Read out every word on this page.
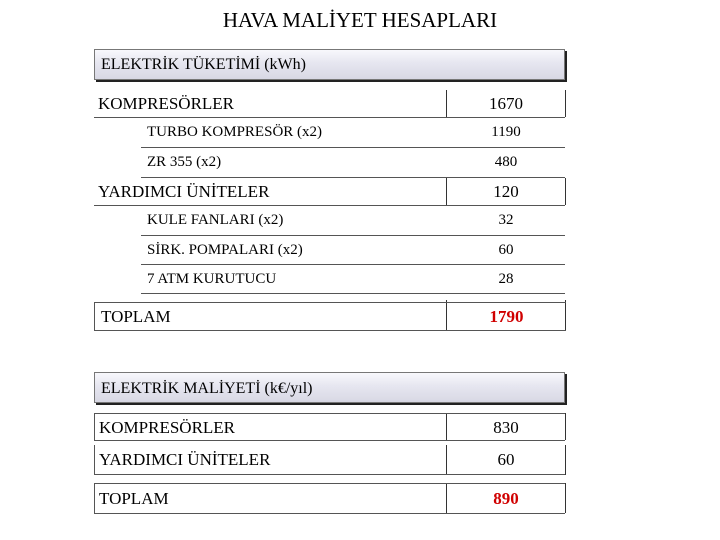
HAVA MALİYET HESAPLARI
ELEKTRİK TÜKETİMİ (kWh)
KOMPRESÖRLER	1670
TURBO KOMPRESÖR (x2)	1190
ZR 355 (x2)	480
YARDIMCI ÜNİTELER	120
KULE FANLARI (x2)	32
SİRK. POMPALARI (x2)	60
7 ATM KURUTUCU	28
TOPLAM	1790
ELEKTRİK MALİYETİ (k€/yıl)
KOMPRESÖRLER	830
YARDIMCI ÜNİTELER	60
TOPLAM	890
